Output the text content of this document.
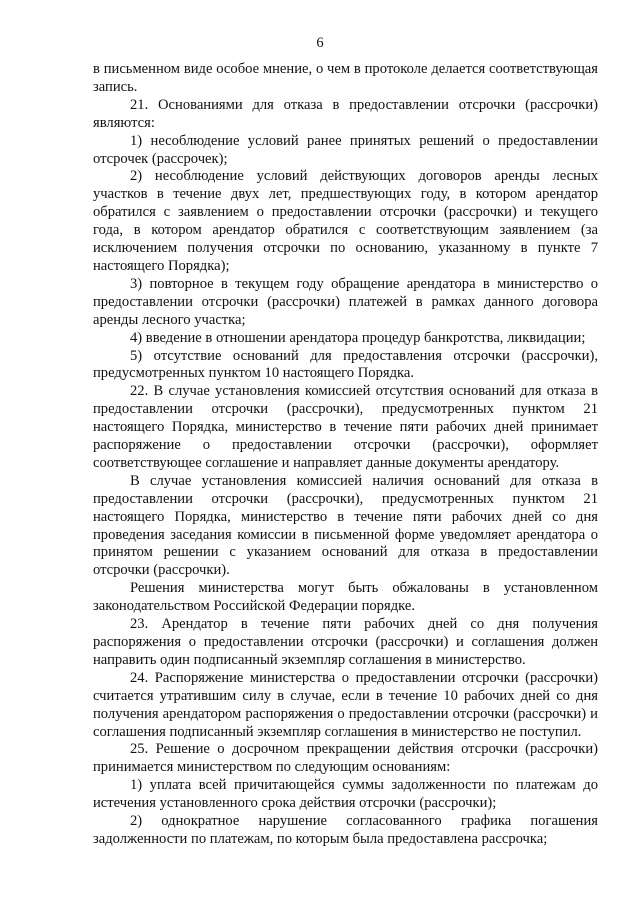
6

в письменном виде особое мнение, о чем в протоколе делается соответствующая запись.

21. Основаниями для отказа в предоставлении отсрочки (рассрочки) являются:

1) несоблюдение условий ранее принятых решений о предоставлении отсрочек (рассрочек);

2) несоблюдение условий действующих договоров аренды лесных участков в течение двух лет, предшествующих году, в котором арендатор обратился с заявлением о предоставлении отсрочки (рассрочки) и текущего года, в котором арендатор обратился с соответствующим заявлением (за исключением получения отсрочки по основанию, указанному в пункте 7 настоящего Порядка);

3) повторное в текущем году обращение арендатора в министерство о предоставлении отсрочки (рассрочки) платежей в рамках данного договора аренды лесного участка;

4) введение в отношении арендатора процедур банкротства, ликвидации;

5) отсутствие оснований для предоставления отсрочки (рассрочки), предусмотренных пунктом 10 настоящего Порядка.

22. В случае установления комиссией отсутствия оснований для отказа в предоставлении отсрочки (рассрочки), предусмотренных пунктом 21 настоящего Порядка, министерство в течение пяти рабочих дней принимает распоряжение о предоставлении отсрочки (рассрочки), оформляет соответствующее соглашение и направляет данные документы арендатору.

В случае установления комиссией наличия оснований для отказа в предоставлении отсрочки (рассрочки), предусмотренных пунктом 21 настоящего Порядка, министерство в течение пяти рабочих дней со дня проведения заседания комиссии в письменной форме уведомляет арендатора о принятом решении с указанием оснований для отказа в предоставлении отсрочки (рассрочки).

Решения министерства могут быть обжалованы в установленном законодательством Российской Федерации порядке.

23. Арендатор в течение пяти рабочих дней со дня получения распоряжения о предоставлении отсрочки (рассрочки) и соглашения должен направить один подписанный экземпляр соглашения в министерство.

24. Распоряжение министерства о предоставлении отсрочки (рассрочки) считается утратившим силу в случае, если в течение 10 рабочих дней со дня получения арендатором распоряжения о предоставлении отсрочки (рассрочки) и соглашения подписанный экземпляр соглашения в министерство не поступил.

25. Решение о досрочном прекращении действия отсрочки (рассрочки) принимается министерством по следующим основаниям:

1) уплата всей причитающейся суммы задолженности по платежам до истечения установленного срока действия отсрочки (рассрочки);

2) однократное нарушение согласованного графика погашения задолженности по платежам, по которым была предоставлена рассрочка;
